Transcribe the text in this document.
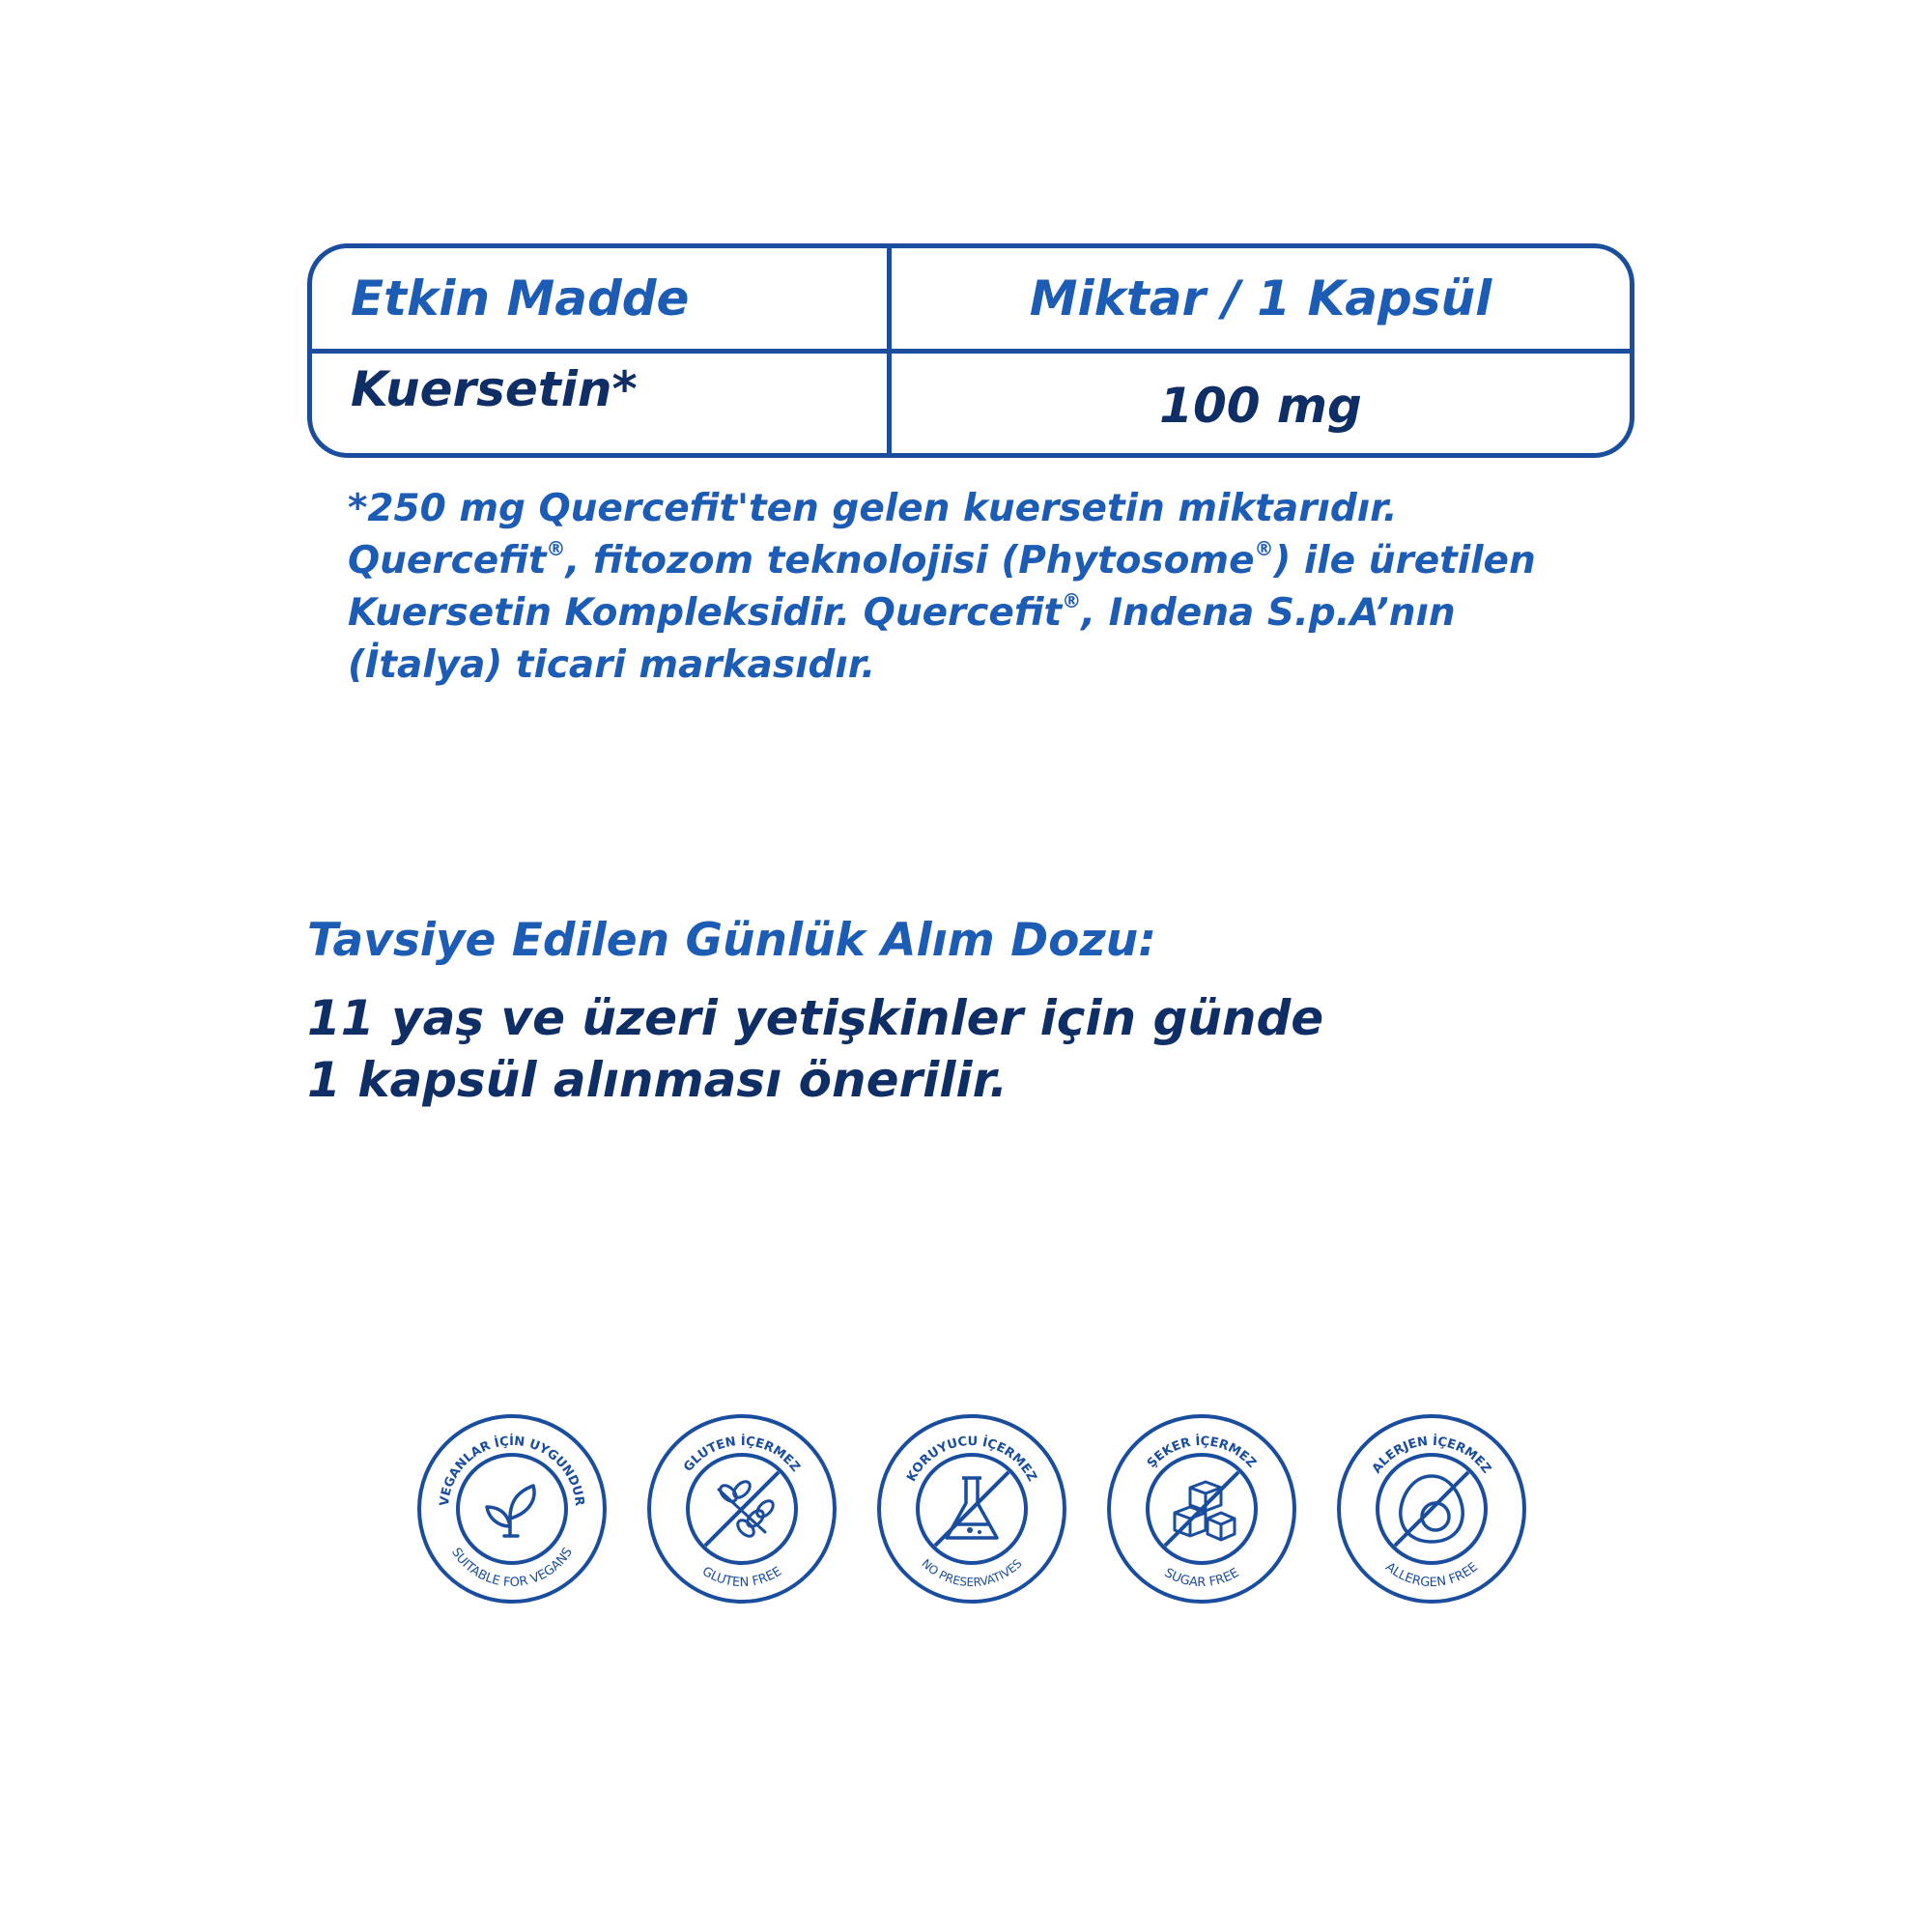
Etkin Madde	Miktar / 1 Kapsül
Kuersetin*	100 mg

*250 mg Quercefit'ten gelen kuersetin miktarıdır.

Quercefit®, fitozom teknolojisi (Phytosome®) ile üretilen

Kuersetin Kompleksidir. Quercefit®, Indena S.p.A’nın

(İtalya) ticari markasıdır.

Tavsiye Edilen Günlük Alım Dozu:

11 yaş ve üzeri yetişkinler için günde

1 kapsül alınması önerilir.

VEGANLAR İÇİN UYGUNDUR
SUITABLE FOR VEGANS
GLUTEN İÇERMEZ
GLUTEN FREE
KORUYUCU İÇERMEZ
NO PRESERVATIVES
ŞEKER İÇERMEZ
SUGAR FREE
ALERJEN İÇERMEZ
ALLERGEN FREE
